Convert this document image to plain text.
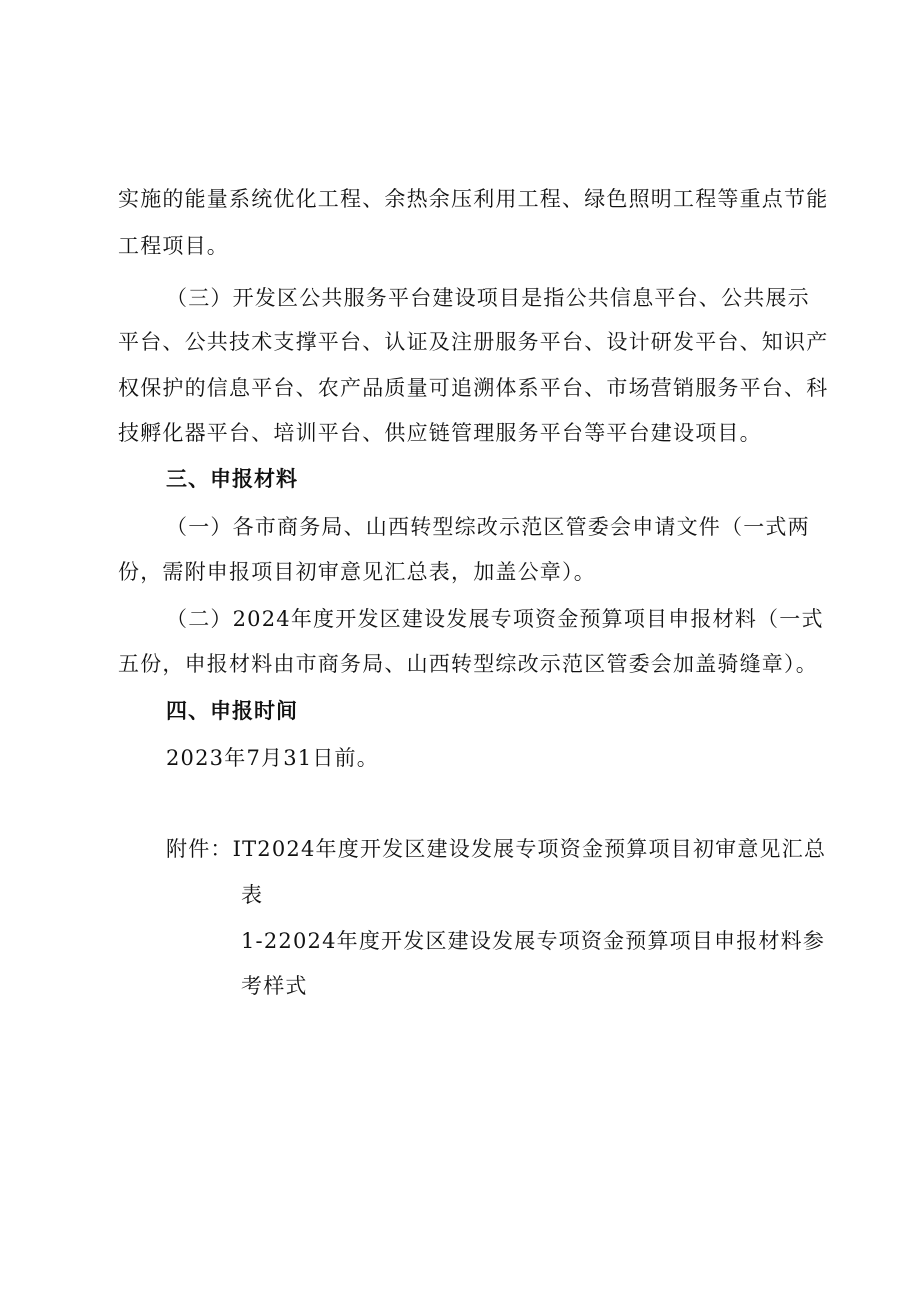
实施的能量系统优化工程、余热余压利用工程、绿色照明工程等重点节能
工程项目。
（三）开发区公共服务平台建设项目是指公共信息平台、公共展示
平台、公共技术支撑平台、认证及注册服务平台、设计研发平台、知识产
权保护的信息平台、农产品质量可追溯体系平台、市场营销服务平台、科
技孵化器平台、培训平台、供应链管理服务平台等平台建设项目。
三、申报材料
（一）各市商务局、山西转型综改示范区管委会申请文件（一式两
份，需附申报项目初审意见汇总表，加盖公章）。
（二）2024年度开发区建设发展专项资金预算项目申报材料（一式
五份，申报材料由市商务局、山西转型综改示范区管委会加盖骑缝章）。
四、申报时间
2023年7月31日前。
附件：IT2024年度开发区建设发展专项资金预算项目初审意见汇总
表
1-22024年度开发区建设发展专项资金预算项目申报材料参
考样式
